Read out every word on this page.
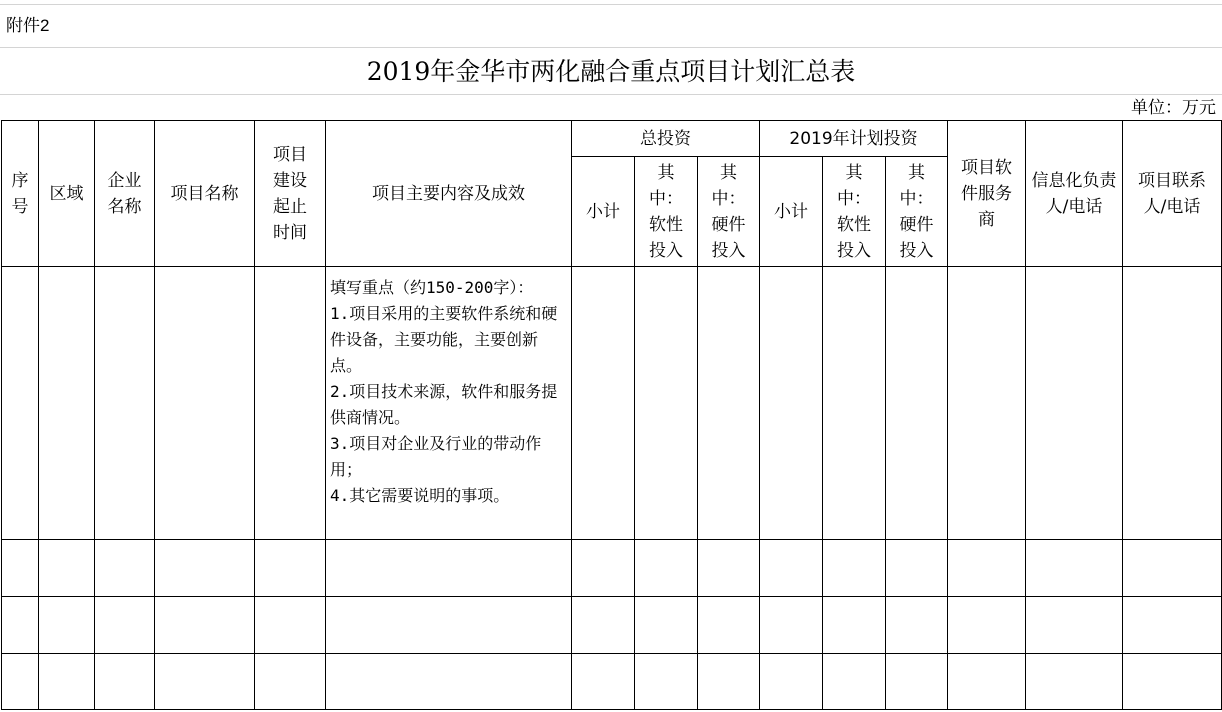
附件2
2019年金华市两化融合重点项目计划汇总表
单位：万元
序号	区域	企业名称	项目名称	项目建设起止时间	项目主要内容及成效	总投资			2019年计划投资			项目软件服务商	信息化负责人/电话	项目联系人/电话
						小计	其中：软性投入	其中：硬件投入	小计	其中：软性投入	其中：硬件投入			
					填写重点（约150-200字）：
1.项目采用的主要软件系统和硬件设备，主要功能，主要创新点。
2.项目技术来源，软件和服务提供商情况。
3.项目对企业及行业的带动作用；
4.其它需要说明的事项。									
